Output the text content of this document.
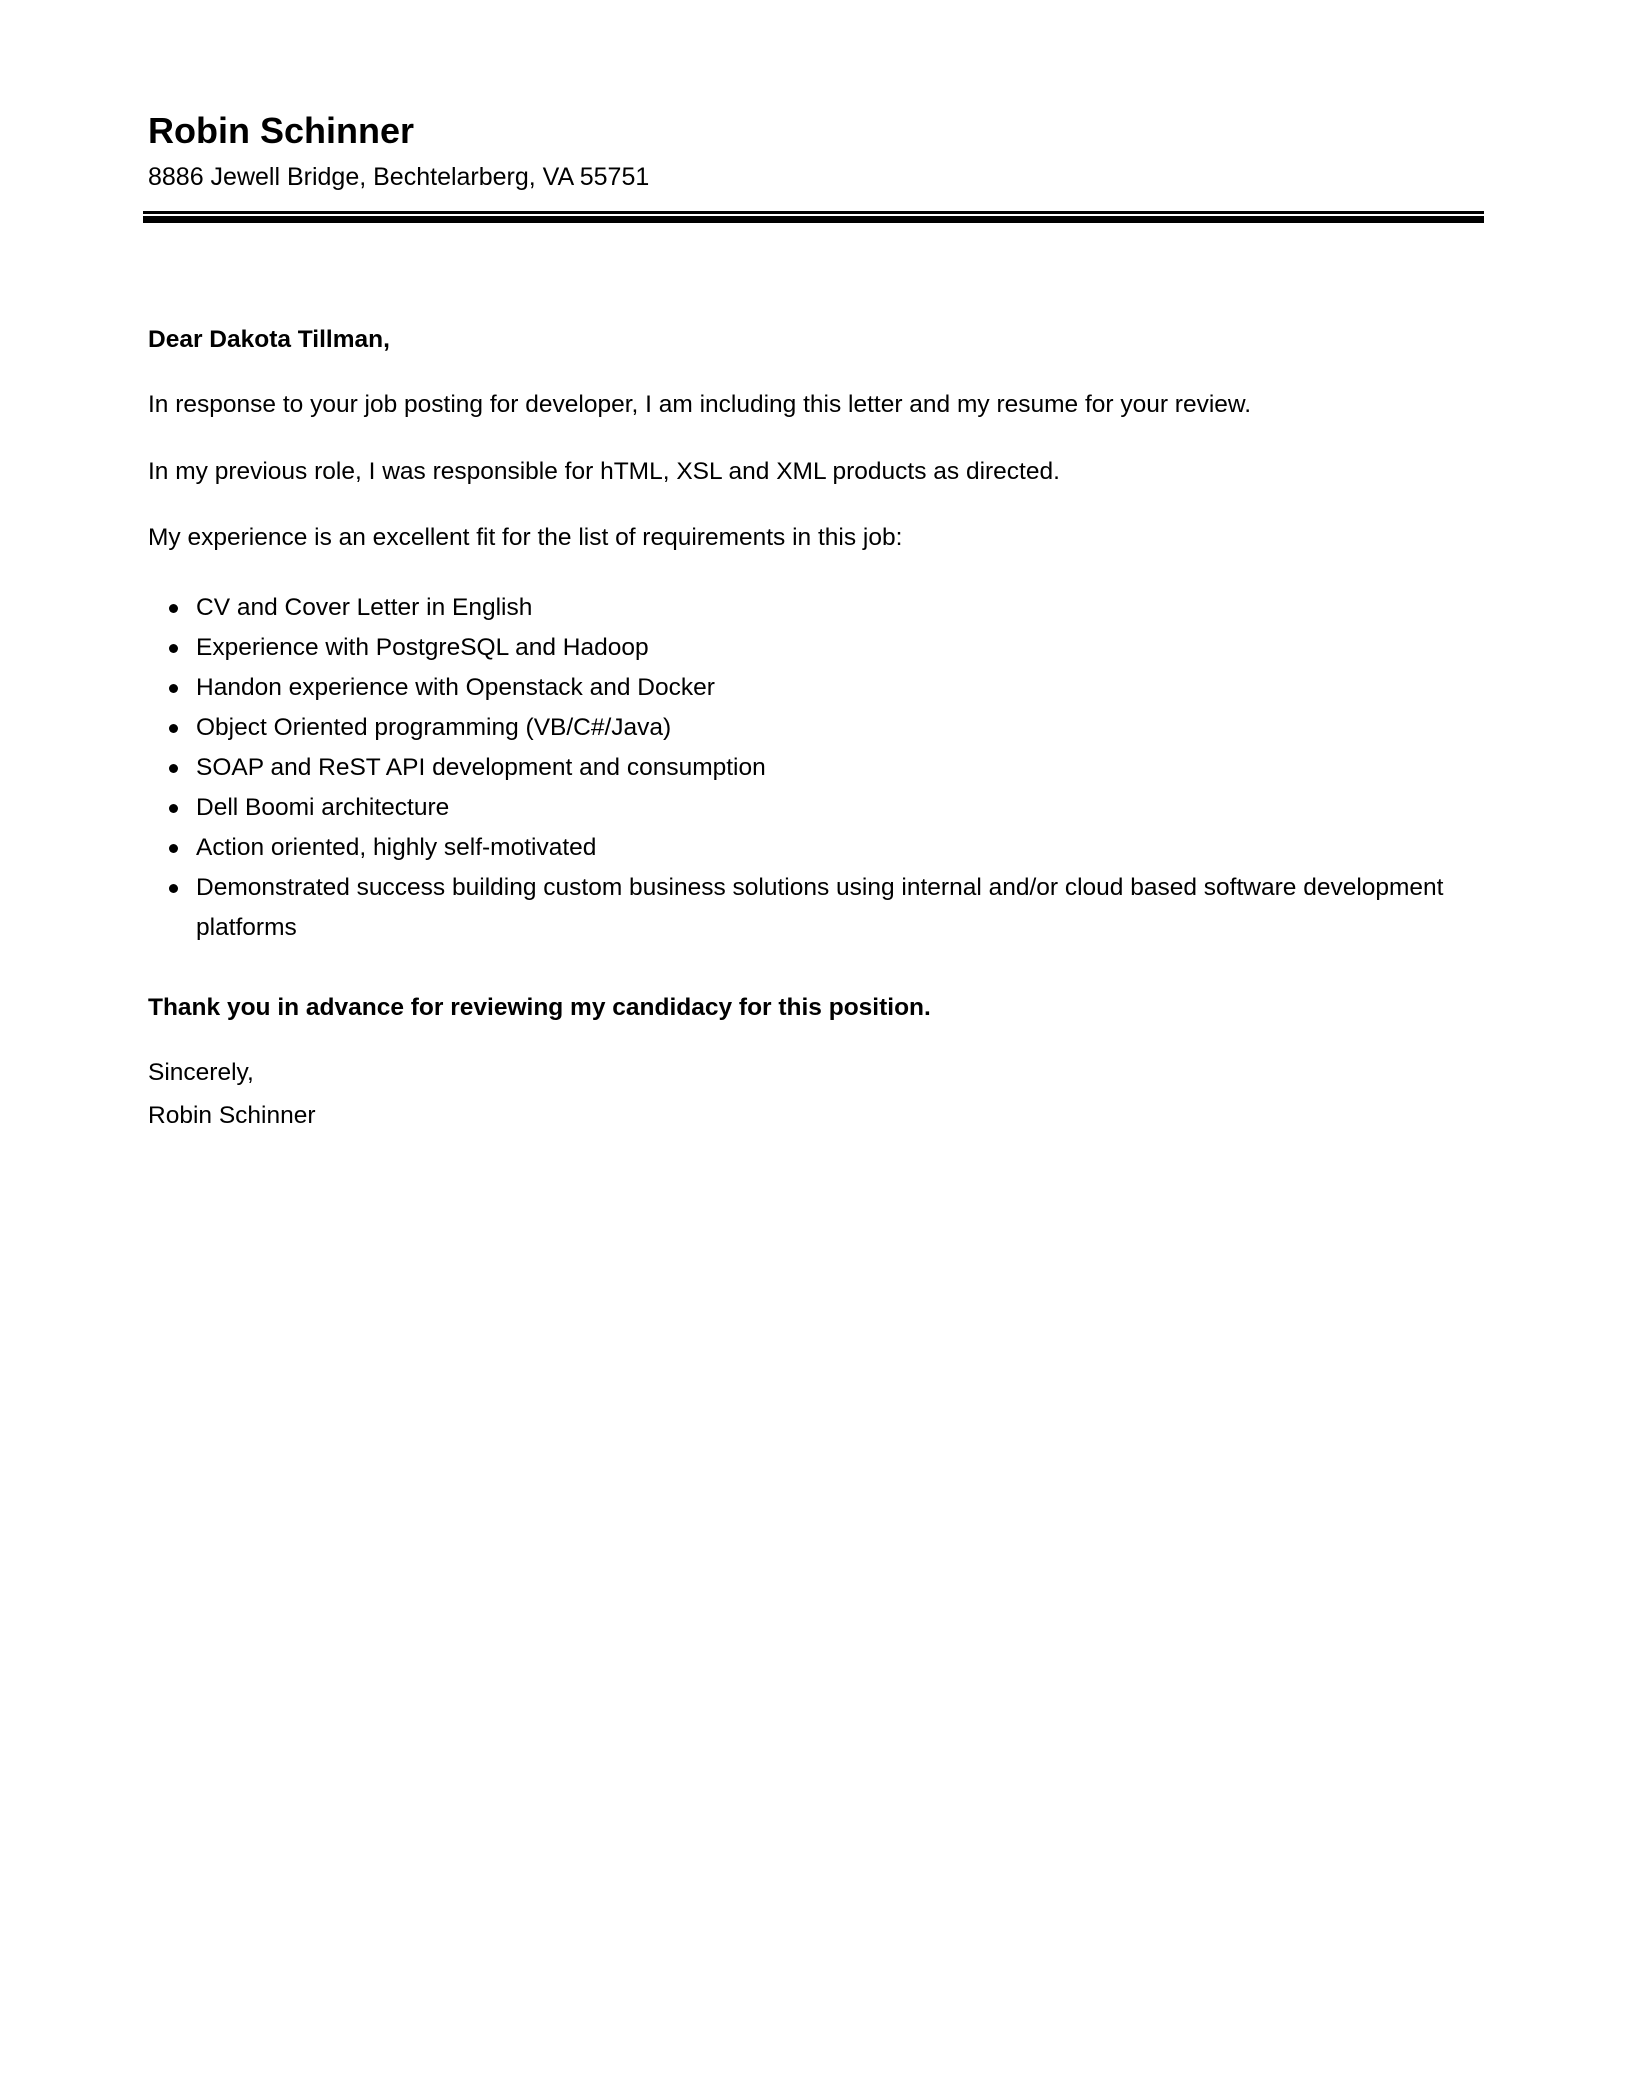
Robin Schinner
8886 Jewell Bridge, Bechtelarberg, VA 55751
Dear Dakota Tillman,
In response to your job posting for developer, I am including this letter and my resume for your review.
In my previous role, I was responsible for hTML, XSL and XML products as directed.
My experience is an excellent fit for the list of requirements in this job:
CV and Cover Letter in English
Experience with PostgreSQL and Hadoop
Handon experience with Openstack and Docker
Object Oriented programming (VB/C#/Java)
SOAP and ReST API development and consumption
Dell Boomi architecture
Action oriented, highly self-motivated
Demonstrated success building custom business solutions using internal and/or cloud based software development platforms
Thank you in advance for reviewing my candidacy for this position.
Sincerely,
Robin Schinner
